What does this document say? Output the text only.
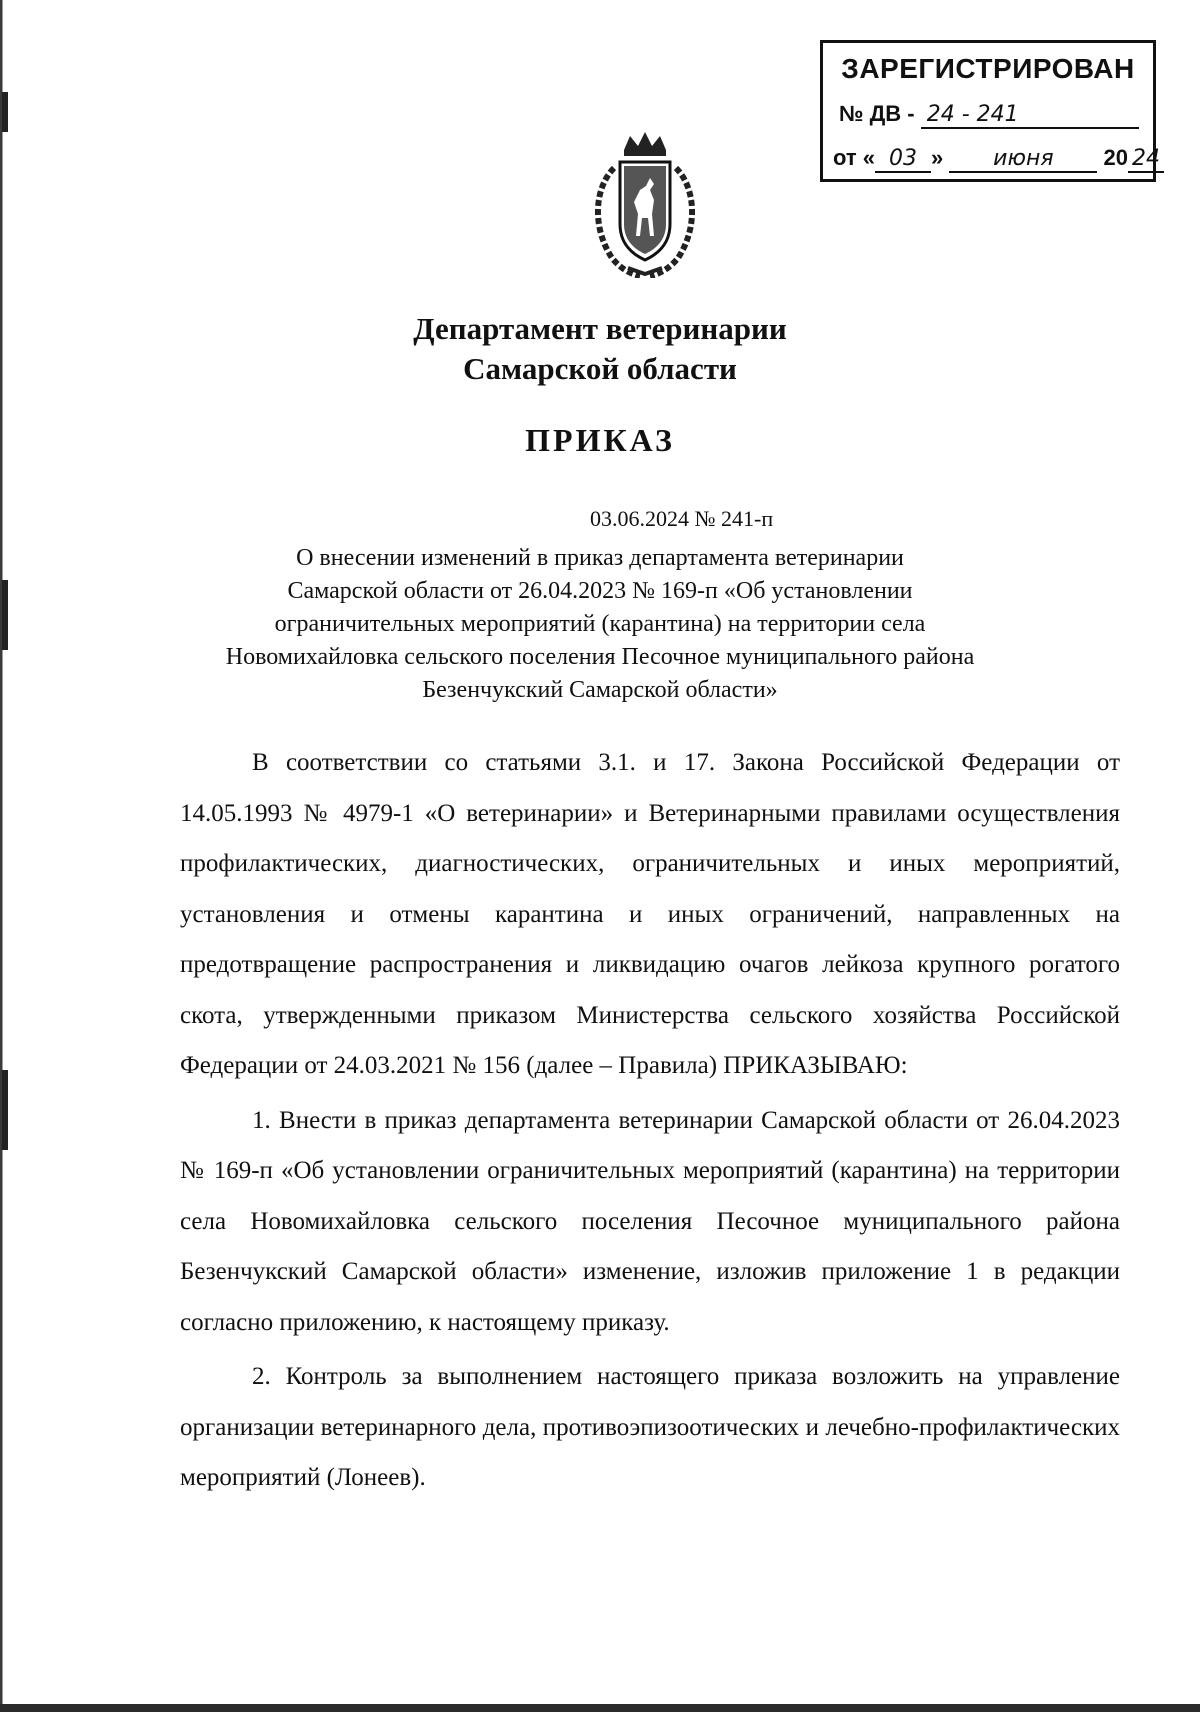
ЗАРЕГИСТРИРОВАН
№ ДВ - 24 - 241
от « 03 » июня 20 24
Департамент ветеринарии
Самарской области
ПРИКАЗ
03.06.2024 № 241-п
О внесении изменений в приказ департамента ветеринарии
Самарской области от 26.04.2023 № 169-п «Об установлении
ограничительных мероприятий (карантина) на территории села
Новомихайловка сельского поселения Песочное муниципального района
Безенчукский Самарской области»

В соответствии со статьями 3.1. и 17. Закона Российской Федерации от 14.05.1993 № 4979-1 «О ветеринарии» и Ветеринарными правилами осуществления профилактических, диагностических, ограничительных и иных мероприятий, установления и отмены карантина и иных ограничений, направленных на предотвращение распространения и ликвидацию очагов лейкоза крупного рогатого скота, утвержденными приказом Министерства сельского хозяйства Российской Федерации от 24.03.2021 № 156 (далее – Правила) ПРИКАЗЫВАЮ:

1. Внести в приказ департамента ветеринарии Самарской области от 26.04.2023 № 169-п «Об установлении ограничительных мероприятий (карантина) на территории села Новомихайловка сельского поселения Песочное муниципального района Безенчукский Самарской области» изменение, изложив приложение 1 в редакции согласно приложению, к настоящему приказу.

2. Контроль за выполнением настоящего приказа возложить на управление организации ветеринарного дела, противоэпизоотических и лечебно-профилактических мероприятий (Лонеев).
